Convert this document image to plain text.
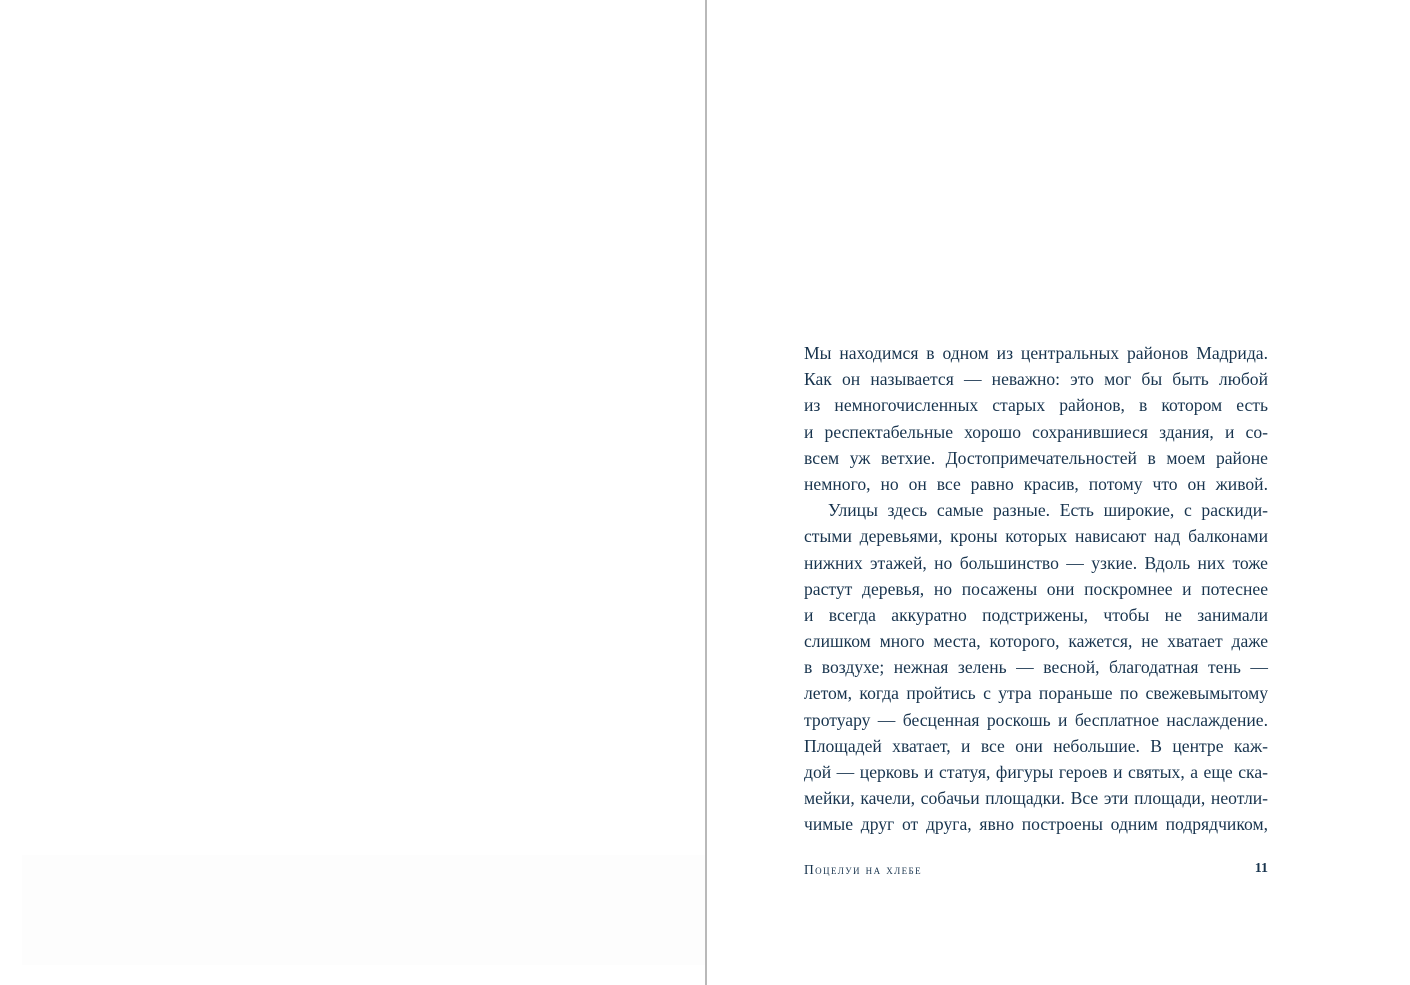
Мы находимся в одном из центральных районов Мадрида.
Как он называется — неважно: это мог бы быть любой
из немногочисленных старых районов, в котором есть
и респектабельные хорошо сохранившиеся здания, и со-
всем уж ветхие. Достопримечательностей в моем районе
немного, но он все равно красив, потому что он живой.
Улицы здесь самые разные. Есть широкие, с раскиди-
стыми деревьями, кроны которых нависают над балконами
нижних этажей, но большинство — узкие. Вдоль них тоже
растут деревья, но посажены они поскромнее и потеснее
и всегда аккуратно подстрижены, чтобы не занимали
слишком много места, которого, кажется, не хватает даже
в воздухе; нежная зелень — весной, благодатная тень —
летом, когда пройтись с утра пораньше по свежевымытому
тротуару — бесценная роскошь и бесплатное наслаждение.
Площадей хватает, и все они небольшие. В центре каж-
дой — церковь и статуя, фигуры героев и святых, а еще ска-
мейки, качели, собачьи площадки. Все эти площади, неотли-
чимые друг от друга, явно построены одним подрядчиком,
Поцелуи на хлебе	11
